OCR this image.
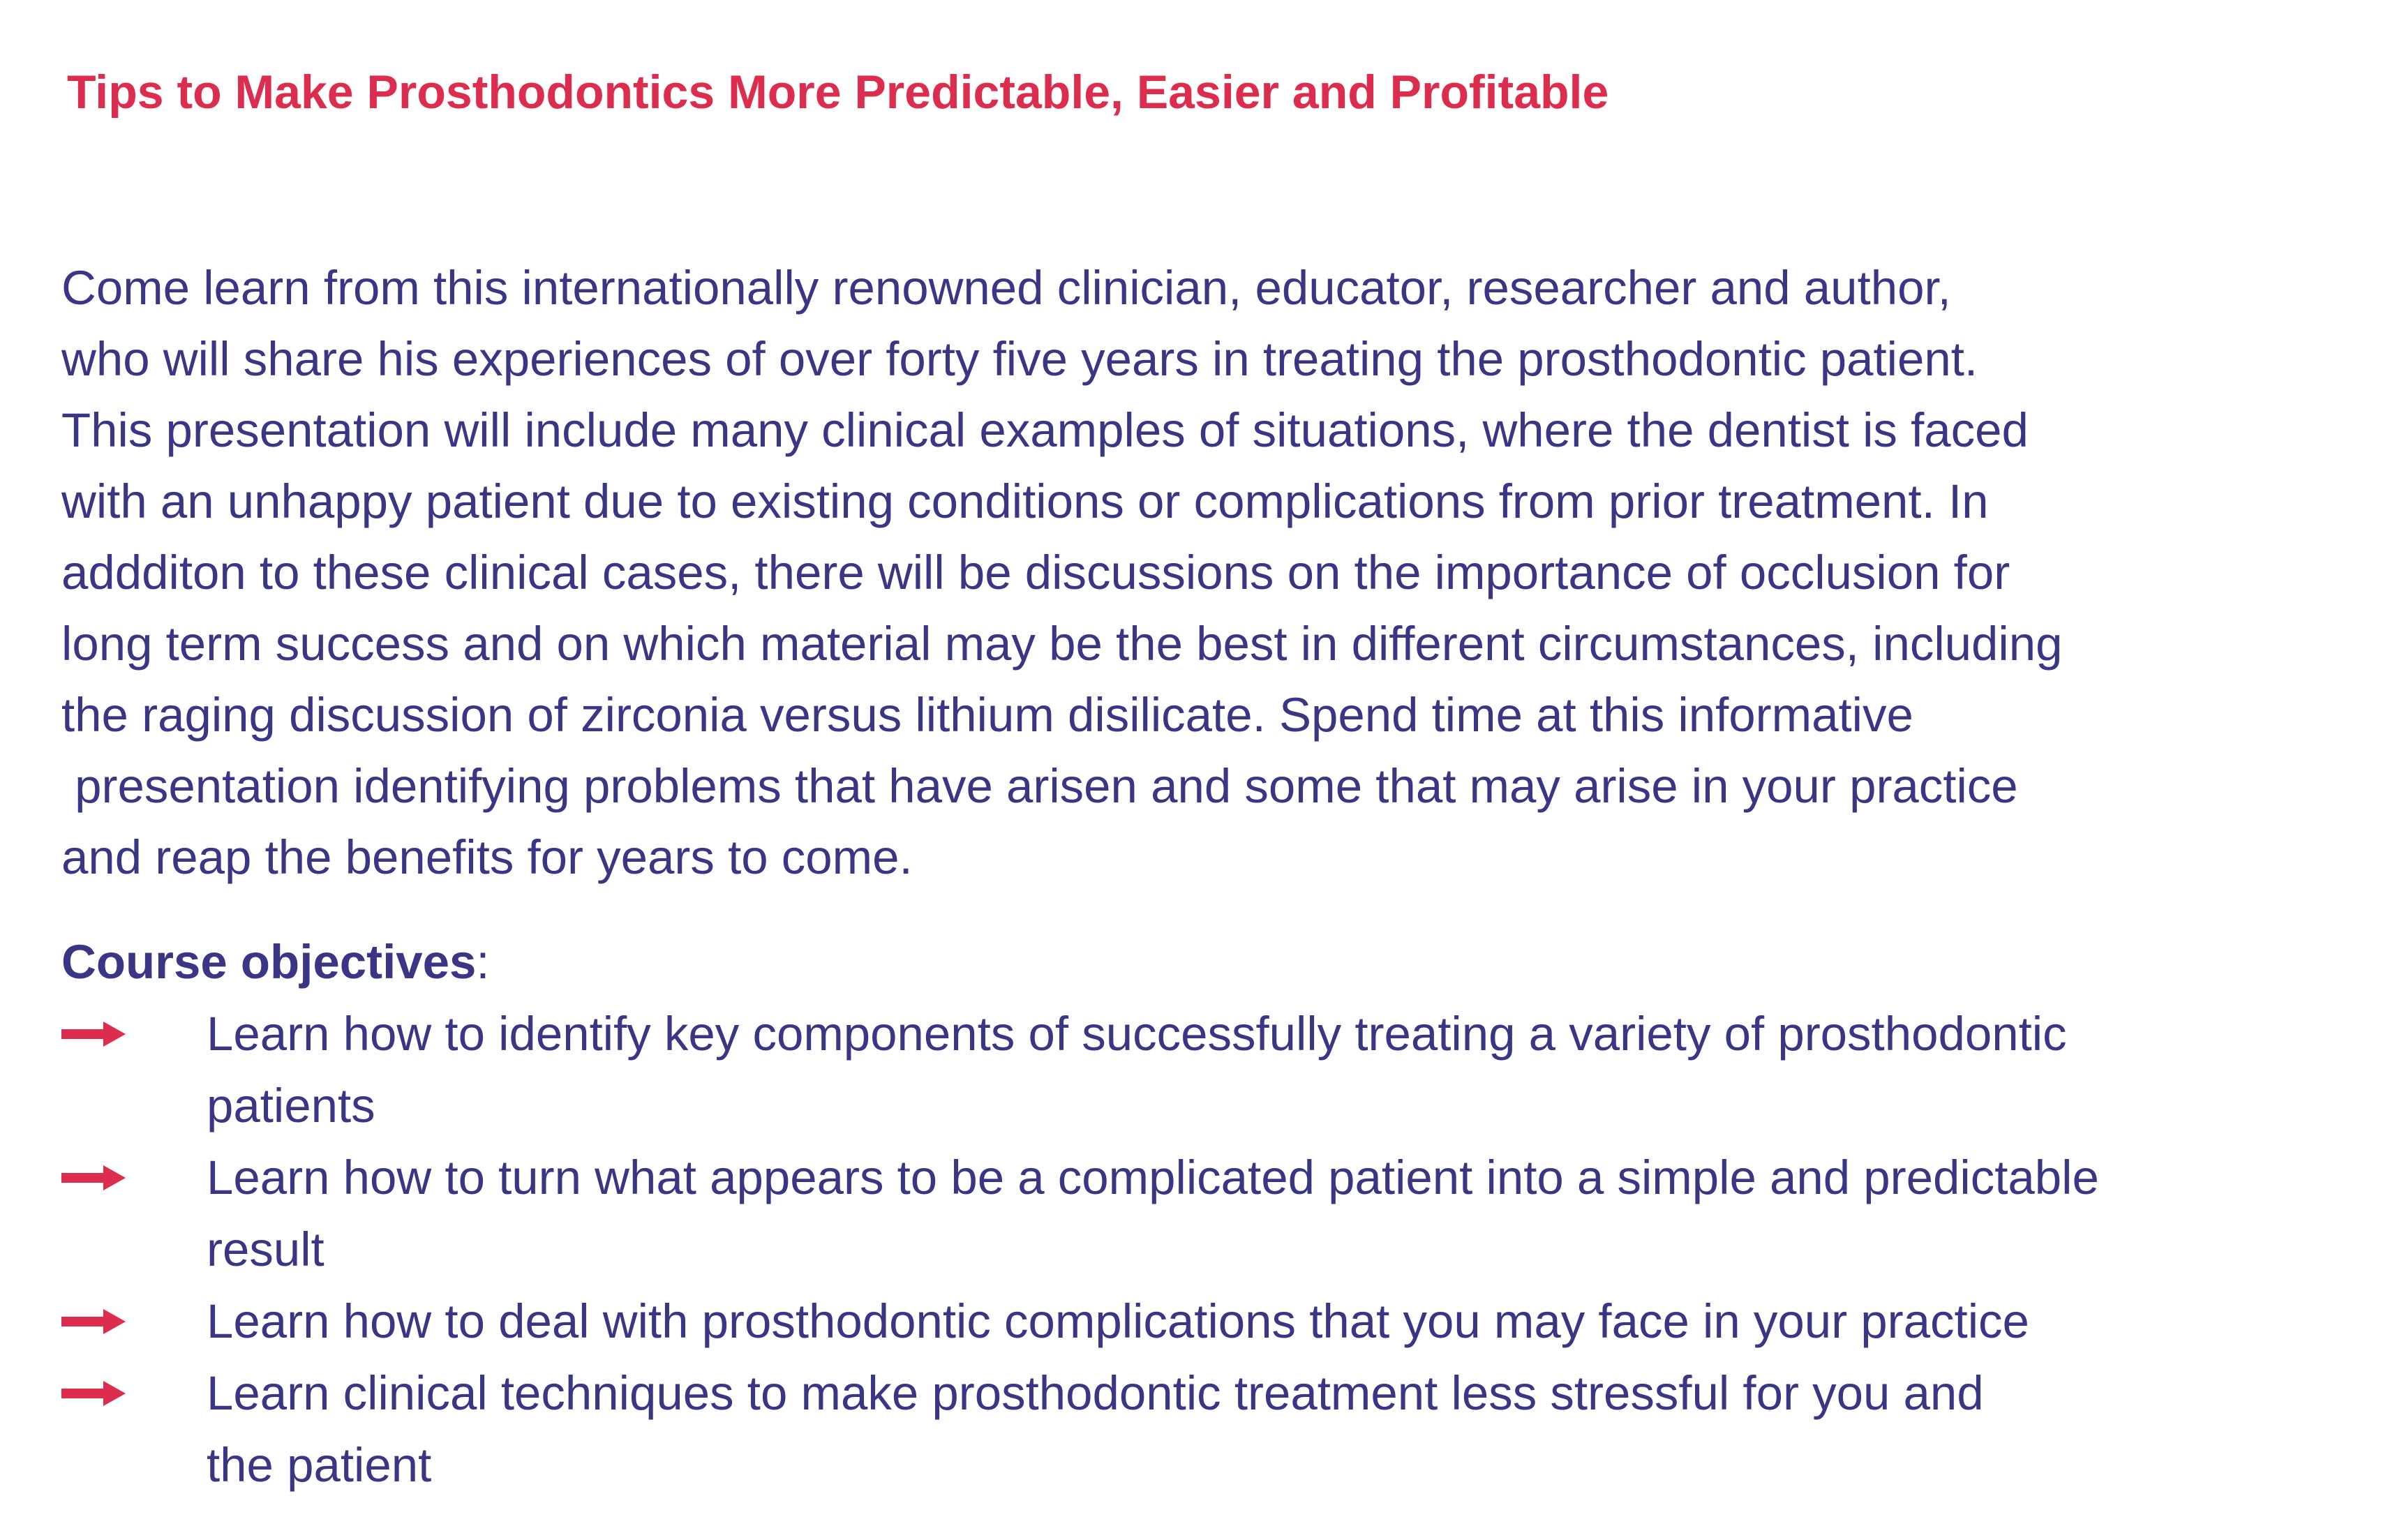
Tips to Make Prosthodontics More Predictable, Easier and Profitable
Come learn from this internationally renowned clinician, educator, researcher and author,
who will share his experiences of over forty five years in treating the prosthodontic patient.
This presentation will include many clinical examples of situations, where the dentist is faced
with an unhappy patient due to existing conditions or complications from prior treatment. In
addditon to these clinical cases, there will be discussions on the importance of occlusion for
long term success and on which material may be the best in different circumstances, including
the raging discussion of zirconia versus lithium disilicate. Spend time at this informative
presentation identifying problems that have arisen and some that may arise in your practice
and reap the benefits for years to come.
Course objectives:
Learn how to identify key components of successfully treating a variety of prosthodontic
patients
Learn how to turn what appears to be a complicated patient into a simple and predictable
result
Learn how to deal with prosthodontic complications that you may face in your practice
Learn clinical techniques to make prosthodontic treatment less stressful for you and
the patient
